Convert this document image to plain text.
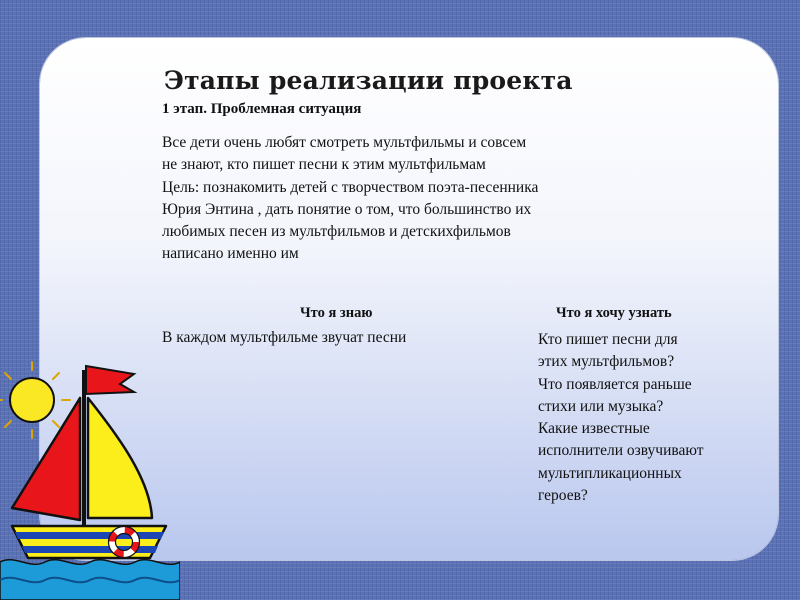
Этапы реализации проекта
1 этап. Проблемная ситуация

Все дети очень любят смотреть мультфильмы и совсем не знают, кто пишет песни к этим мультфильмам

Цель: познакомить детей с творчеством поэта-песенника Юрия Энтина , дать понятие о том, что большинство их любимых песен из мультфильмов и детскихфильмов написано именно им

Что я знаю
В каждом мультфильме звучат песни
Что я хочу узнать

Кто пишет песни для этих мультфильмов?

Что появляется раньше стихи или музыка?

Какие известные исполнители озвучивают мультипликационных героев?
